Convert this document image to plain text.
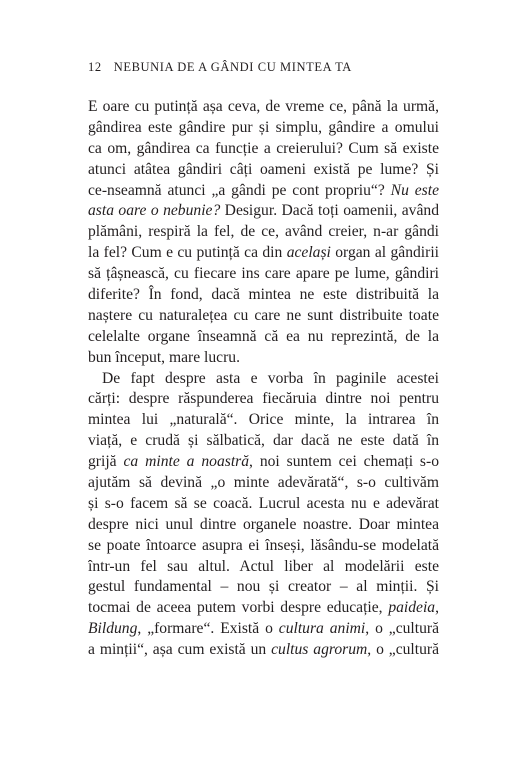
12 NEBUNIA DE A GÂNDI CU MINTEA TA
E oare cu putință așa ceva, de vreme ce, până la urmă,
gândirea este gândire pur și simplu, gândire a omului
ca om, gândirea ca funcție a creierului? Cum să existe
atunci atâtea gândiri câți oameni există pe lume? Și
ce-nseamnă atunci „a gândi pe cont propriu“? Nu este
asta oare o nebunie? Desigur. Dacă toți oamenii, având
plămâni, respiră la fel, de ce, având creier, n-ar gândi
la fel? Cum e cu putință ca din același organ al gândirii
să țâșnească, cu fiecare ins care apare pe lume, gândiri
diferite? În fond, dacă mintea ne este distribuită la
naștere cu naturalețea cu care ne sunt distribuite toate
celelalte organe înseamnă că ea nu reprezintă, de la
bun început, mare lucru.
De fapt despre asta e vorba în paginile acestei
cărți: despre răspunderea fiecăruia dintre noi pentru
mintea lui „naturală“. Orice minte, la intrarea în
viață, e crudă și sălbatică, dar dacă ne este dată în
grijă ca minte a noastră, noi suntem cei chemați s-o
ajutăm să devină „o minte adevărată“, s-o cultivăm
și s-o facem să se coacă. Lucrul acesta nu e adevărat
despre nici unul dintre organele noastre. Doar mintea
se poate întoarce asupra ei înseși, lăsându-se modelată
într-un fel sau altul. Actul liber al modelării este
gestul fundamental – nou și creator – al minții. Și
tocmai de aceea putem vorbi despre educație, paideia,
Bildung, „formare“. Există o cultura animi, o „cultură
a minții“, așa cum există un cultus agrorum, o „cultură
